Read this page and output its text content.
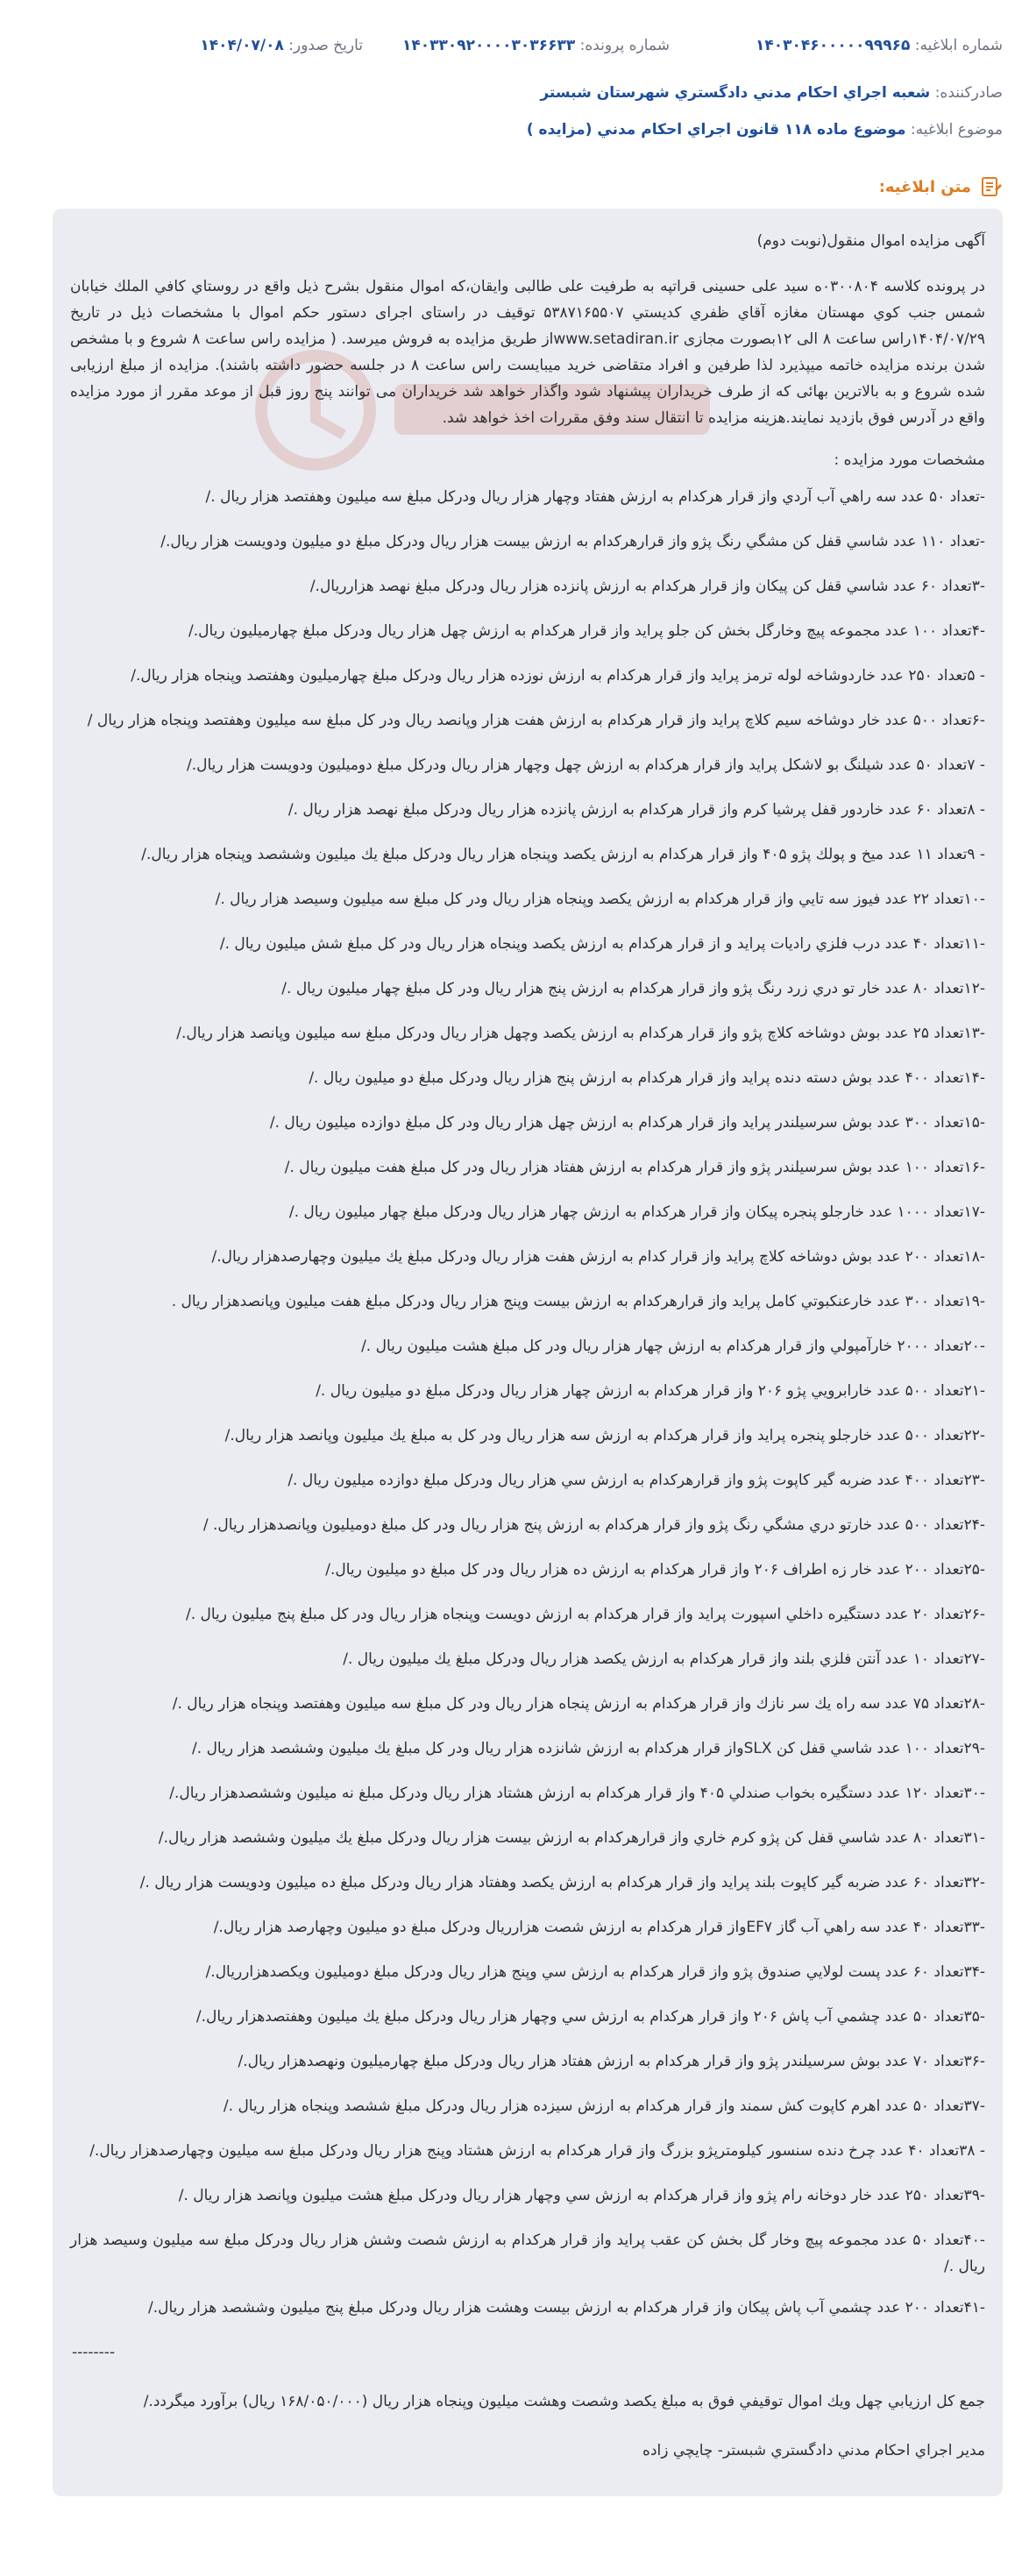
شماره ابلاغیه: ۱۴۰۳۰۴۶۰۰۰۰۰۹۹۹۶۵
شماره پرونده: ۱۴۰۳۳۰۹۲۰۰۰۰۳۰۳۶۶۳۳
تاریخ صدور: ۱۴۰۴/۰۷/۰۸
صادرکننده: شعبه اجراي احکام مدني دادگستري شهرستان شبستر
موضوع ابلاغیه: موضوع ماده ۱۱۸ قانون اجراي احکام مدني (مزايده )
متن ابلاغیه:

آگهی مزایده اموال منقول(نوبت دوم)

در پرونده کلاسه ۰۳۰۰۸۰۴ه سید علی حسینی قراتپه به طرفیت علی طالبی وایقان،که اموال منقول بشرح ذیل واقع در روستاي کافي الملك خيابان شمس جنب کوي مهستان مغازه آقاي ظفري کديستي ۵۳۸۷۱۶۵۵۰۷ توقیف در راستای اجرای دستور حکم اموال با مشخصات ذیل در تاریخ ۱۴۰۴/۰۷/۲۹راس ساعت ۸ الی ۱۲بصورت مجازی www.setadiran.irاز طریق مزایده به فروش میرسد. ( مزایده راس ساعت ۸ شروع و با مشخص شدن برنده مزایده خاتمه میپذیرد لذا طرفین و افراد متقاضی خرید میبایست راس ساعت ۸ در جلسه حضور داشته باشند). مزایده از مبلغ ارزیابی شده شروع و به بالاترین بهائی که از طرف خریداران پیشنهاد شود واگذار خواهد شد خریداران می توانند پنج روز قبل از موعد مقرر از مورد مزایده واقع در آدرس فوق بازدید نمایند.هزینه مزایده تا انتقال سند وفق مقررات اخذ خواهد شد.

مشخصات مورد مزايده :

-تعداد ۵۰ عدد سه راهي آب آردي واز قرار هرکدام به ارزش هفتاد وچهار هزار ريال ودرکل مبلغ سه ميليون وهفتصد هزار ريال ./

-تعداد ۱۱۰ عدد شاسي قفل کن مشگي رنگ پژو واز قرارهرکدام به ارزش بيست هزار ريال ودرکل مبلغ دو ميليون ودويست هزار ريال./

-۳تعداد ۶۰ عدد شاسي قفل کن پيکان واز قرار هرکدام به ارزش پانزده هزار ريال ودرکل مبلغ نهصد هزارريال./

-۴تعداد ۱۰۰ عدد مجموعه پيچ وخارگل بخش کن جلو پرايد واز قرار هرکدام به ارزش چهل هزار ريال ودرکل مبلغ چهارميليون ريال./

- ۵تعداد ۲۵۰ عدد خاردوشاخه لوله ترمز پرايد واز قرار هرکدام به ارزش نوزده هزار ريال ودرکل مبلغ چهارميليون وهفتصد وپنجاه هزار ريال./

-۶تعداد ۵۰۰ عدد خار دوشاخه سيم کلاچ پرايد واز قرار هرکدام به ارزش هفت هزار وپانصد ريال ودر کل مبلغ سه ميليون وهفتصد وپنجاه هزار ريال /

- ۷تعداد ۵۰ عدد شيلنگ بو لاشکل پرايد واز قرار هرکدام به ارزش چهل وچهار هزار ريال ودرکل مبلغ دوميليون ودويست هزار ريال./

- ۸تعداد ۶۰ عدد خاردور قفل پرشيا کرم واز قرار هرکدام به ارزش پانزده هزار ريال ودرکل مبلغ نهصد هزار ريال ./

- ۹تعداد ۱۱ عدد ميخ و پولك پژو ۴۰۵ واز قرار هرکدام به ارزش يکصد وپنجاه هزار ريال ودرکل مبلغ يك ميليون وششصد وپنجاه هزار ريال./

-۱۰تعداد ۲۲ عدد فيوز سه تايي واز قرار هرکدام به ارزش يکصد وپنجاه هزار ريال ودر کل مبلغ سه ميليون وسيصد هزار ريال ./

-۱۱تعداد ۴۰ عدد درب فلزي راديات پرايد و از قرار هرکدام به ارزش يکصد وپنجاه هزار ريال ودر کل مبلغ شش ميليون ريال ./

-۱۲تعداد ۸۰ عدد خار تو دري زرد رنگ پژو واز قرار هرکدام به ارزش پنج هزار ريال ودر کل مبلغ چهار ميليون ريال ./

-۱۳تعداد ۲۵ عدد بوش دوشاخه کلاچ پژو واز قرار هرکدام به ارزش يکصد وچهل هزار ريال ودرکل مبلغ سه ميليون وپانصد هزار ريال./

-۱۴تعداد ۴۰۰ عدد بوش دسته دنده پرايد واز قرار هرکدام به ارزش پنج هزار ريال ودرکل مبلغ دو ميليون ريال ./

-۱۵تعداد ۳۰۰ عدد بوش سرسيلندر پرايد واز قرار هرکدام به ارزش چهل هزار ريال ودر کل مبلغ دوازده ميليون ريال ./

-۱۶تعداد ۱۰۰ عدد بوش سرسيلندر پژو واز قرار هرکدام به ارزش هفتاد هزار ريال ودر کل مبلغ هفت ميليون ريال ./

-۱۷تعداد ۱۰۰۰ عدد خارجلو پنجره پيکان واز قرار هرکدام به ارزش چهار هزار ريال ودرکل مبلغ چهار ميليون ريال ./

-۱۸تعداد ۲۰۰ عدد بوش دوشاخه کلاچ پرايد واز قرار کدام به ارزش هفت هزار ريال ودرکل مبلغ يك ميليون وچهارصدهزار ريال./

-۱۹تعداد ۳۰۰ عدد خارعنکبوتي کامل پرايد واز قرارهرکدام به ارزش بيست وپنج هزار ريال ودرکل مبلغ هفت ميليون وپانصدهزار ريال .

-۲۰تعداد ۲۰۰۰ خارآمپولي واز قرار هرکدام به ارزش چهار هزار ريال ودر کل مبلغ هشت ميليون ريال ./

-۲۱تعداد ۵۰۰ عدد خارابرويي پژو ۲۰۶ واز قرار هرکدام به ارزش چهار هزار ريال ودرکل مبلغ دو ميليون ريال ./

-۲۲تعداد ۵۰۰ عدد خارجلو پنجره پرايد واز قرار هرکدام به ارزش سه هزار ريال ودر کل به مبلغ يك ميليون وپانصد هزار ريال./

-۲۳تعداد ۴۰۰ عدد ضربه گير کاپوت پژو واز قرارهرکدام به ارزش سي هزار ريال ودرکل مبلغ دوازده ميليون ريال ./

-۲۴تعداد ۵۰۰ عدد خارتو دري مشگي رنگ پژو واز قرار هرکدام به ارزش پنج هزار ريال ودر کل مبلغ دوميليون وپانصدهزار ريال. /

-۲۵تعداد ۲۰۰ عدد خار زه اطراف ۲۰۶ واز قرار هرکدام به ارزش ده هزار ريال ودر کل مبلغ دو ميليون ريال./

-۲۶تعداد ۲۰ عدد دستگيره داخلي اسپورت پرايد واز قرار هرکدام به ارزش دويست وپنجاه هزار ريال ودر کل مبلغ پنج ميليون ريال ./

-۲۷تعداد ۱۰ عدد آنتن فلزي بلند واز قرار هرکدام به ارزش يکصد هزار ريال ودرکل مبلغ يك ميليون ريال ./

-۲۸تعداد ۷۵ عدد سه راه يك سر نازك واز قرار هرکدام به ارزش پنجاه هزار ريال ودر کل مبلغ سه ميليون وهفتصد وپنجاه هزار ريال ./

-۲۹تعداد ۱۰۰ عدد شاسي قفل کن SLXواز قرار هرکدام به ارزش شانزده هزار ريال ودر کل مبلغ يك ميليون وششصد هزار ريال ./

-۳۰تعداد ۱۲۰ عدد دستگيره بخواب صندلي ۴۰۵ واز قرار هرکدام به ارزش هشتاد هزار ريال ودرکل مبلغ نه ميليون وششصدهزار ريال./

-۳۱تعداد ۸۰ عدد شاسي قفل کن پژو کرم خاري واز قرارهرکدام به ارزش بيست هزار ريال ودرکل مبلغ يك ميليون وششصد هزار ريال./

-۳۲تعداد ۶۰ عدد ضربه گير کاپوت بلند پرايد واز قرار هرکدام به ارزش يکصد وهفتاد هزار ريال ودرکل مبلغ ده ميليون ودويست هزار ريال ./

-۳۳تعداد ۴۰ عدد سه راهي آب گاز EF۷واز قرار هرکدام به ارزش شصت هزارريال ودرکل مبلغ دو ميليون وچهارصد هزار ريال./

-۳۴تعداد ۶۰ عدد پست لولايي صندوق پژو واز قرار هرکدام به ارزش سي وپنج هزار ريال ودرکل مبلغ دوميليون ويکصدهزارريال./

-۳۵تعداد ۵۰ عدد چشمي آب پاش ۲۰۶ واز قرار هرکدام به ارزش سي وچهار هزار ريال ودرکل مبلغ يك ميليون وهفتصدهزار ريال./

-۳۶تعداد ۷۰ عدد بوش سرسيلندر پژو واز قرار هرکدام به ارزش هفتاد هزار ريال ودرکل مبلغ چهارميليون ونهصدهزار ريال./

-۳۷تعداد ۵۰ عدد اهرم کاپوت کش سمند واز قرار هرکدام به ارزش سيزده هزار ريال ودرکل مبلغ ششصد وپنجاه هزار ريال ./

- ۳۸تعداد ۴۰ عدد چرخ دنده سنسور کيلومترپژو بزرگ واز قرار هرکدام به ارزش هشتاد وپنج هزار ريال ودرکل مبلغ سه ميليون وچهارصدهزار ريال./

-۳۹تعداد ۲۵۰ عدد خار دوخانه رام پژو واز قرار هرکدام به ارزش سي وچهار هزار ريال ودرکل مبلغ هشت ميليون وپانصد هزار ريال ./

-۴۰تعداد ۵۰ عدد مجموعه پيچ وخار گل بخش کن عقب پرايد واز قرار هرکدام به ارزش شصت وشش هزار ريال ودرکل مبلغ سه ميليون وسيصد هزار ريال ./

-۴۱تعداد ۲۰۰ عدد چشمي آب پاش پيکان واز قرار هرکدام به ارزش بيست وهشت هزار ريال ودرکل مبلغ پنج ميليون وششصد هزار ريال./

--------

جمع کل ارزيابي چهل ويك اموال توقيفي فوق به مبلغ يکصد وشصت وهشت ميليون وپنجاه هزار ريال (۱۶۸/۰۵۰/۰۰۰ ريال) برآورد ميگردد./

مدير اجراي احکام مدني دادگستري شبستر- چايچي زاده
